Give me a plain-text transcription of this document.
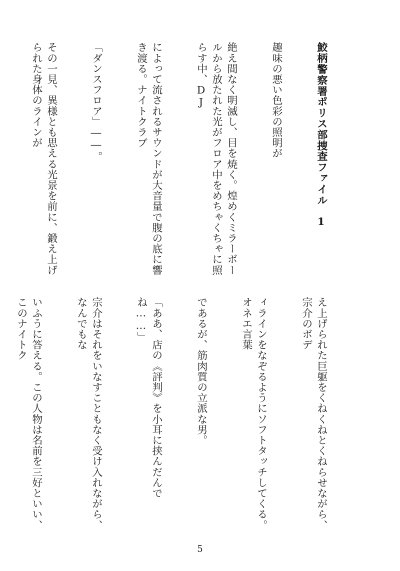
鮫柄警察署ポリス部捜査ファイル1

趣味の悪い色彩の照明が

絶え間なく明滅し、目を焼く。煌めくミラーボールから放たれた光がフロア中をめちゃくちゃに照らす中、DJ

によって流されるサウンドが大音量で腹の底に響き渡る。ナイトクラブ

「ダンスフロア」――。

その一見、異様とも思える光景を前に、鍛え上げられた身体のラインが

え上げられた巨躯をくねくねとくねらせながら、宗介のボデ

ィラインをなぞるようにソフトタッチしてくる。オネエ言葉

であるが、筋肉質の立派な男。

「ああ、店の《評判》を小耳に挟んだんでね……」

宗介はそれをいなすこともなく受け入れながら、なんでもな

いふうに答える。この人物は名前を三好といい、このナイトク

5
